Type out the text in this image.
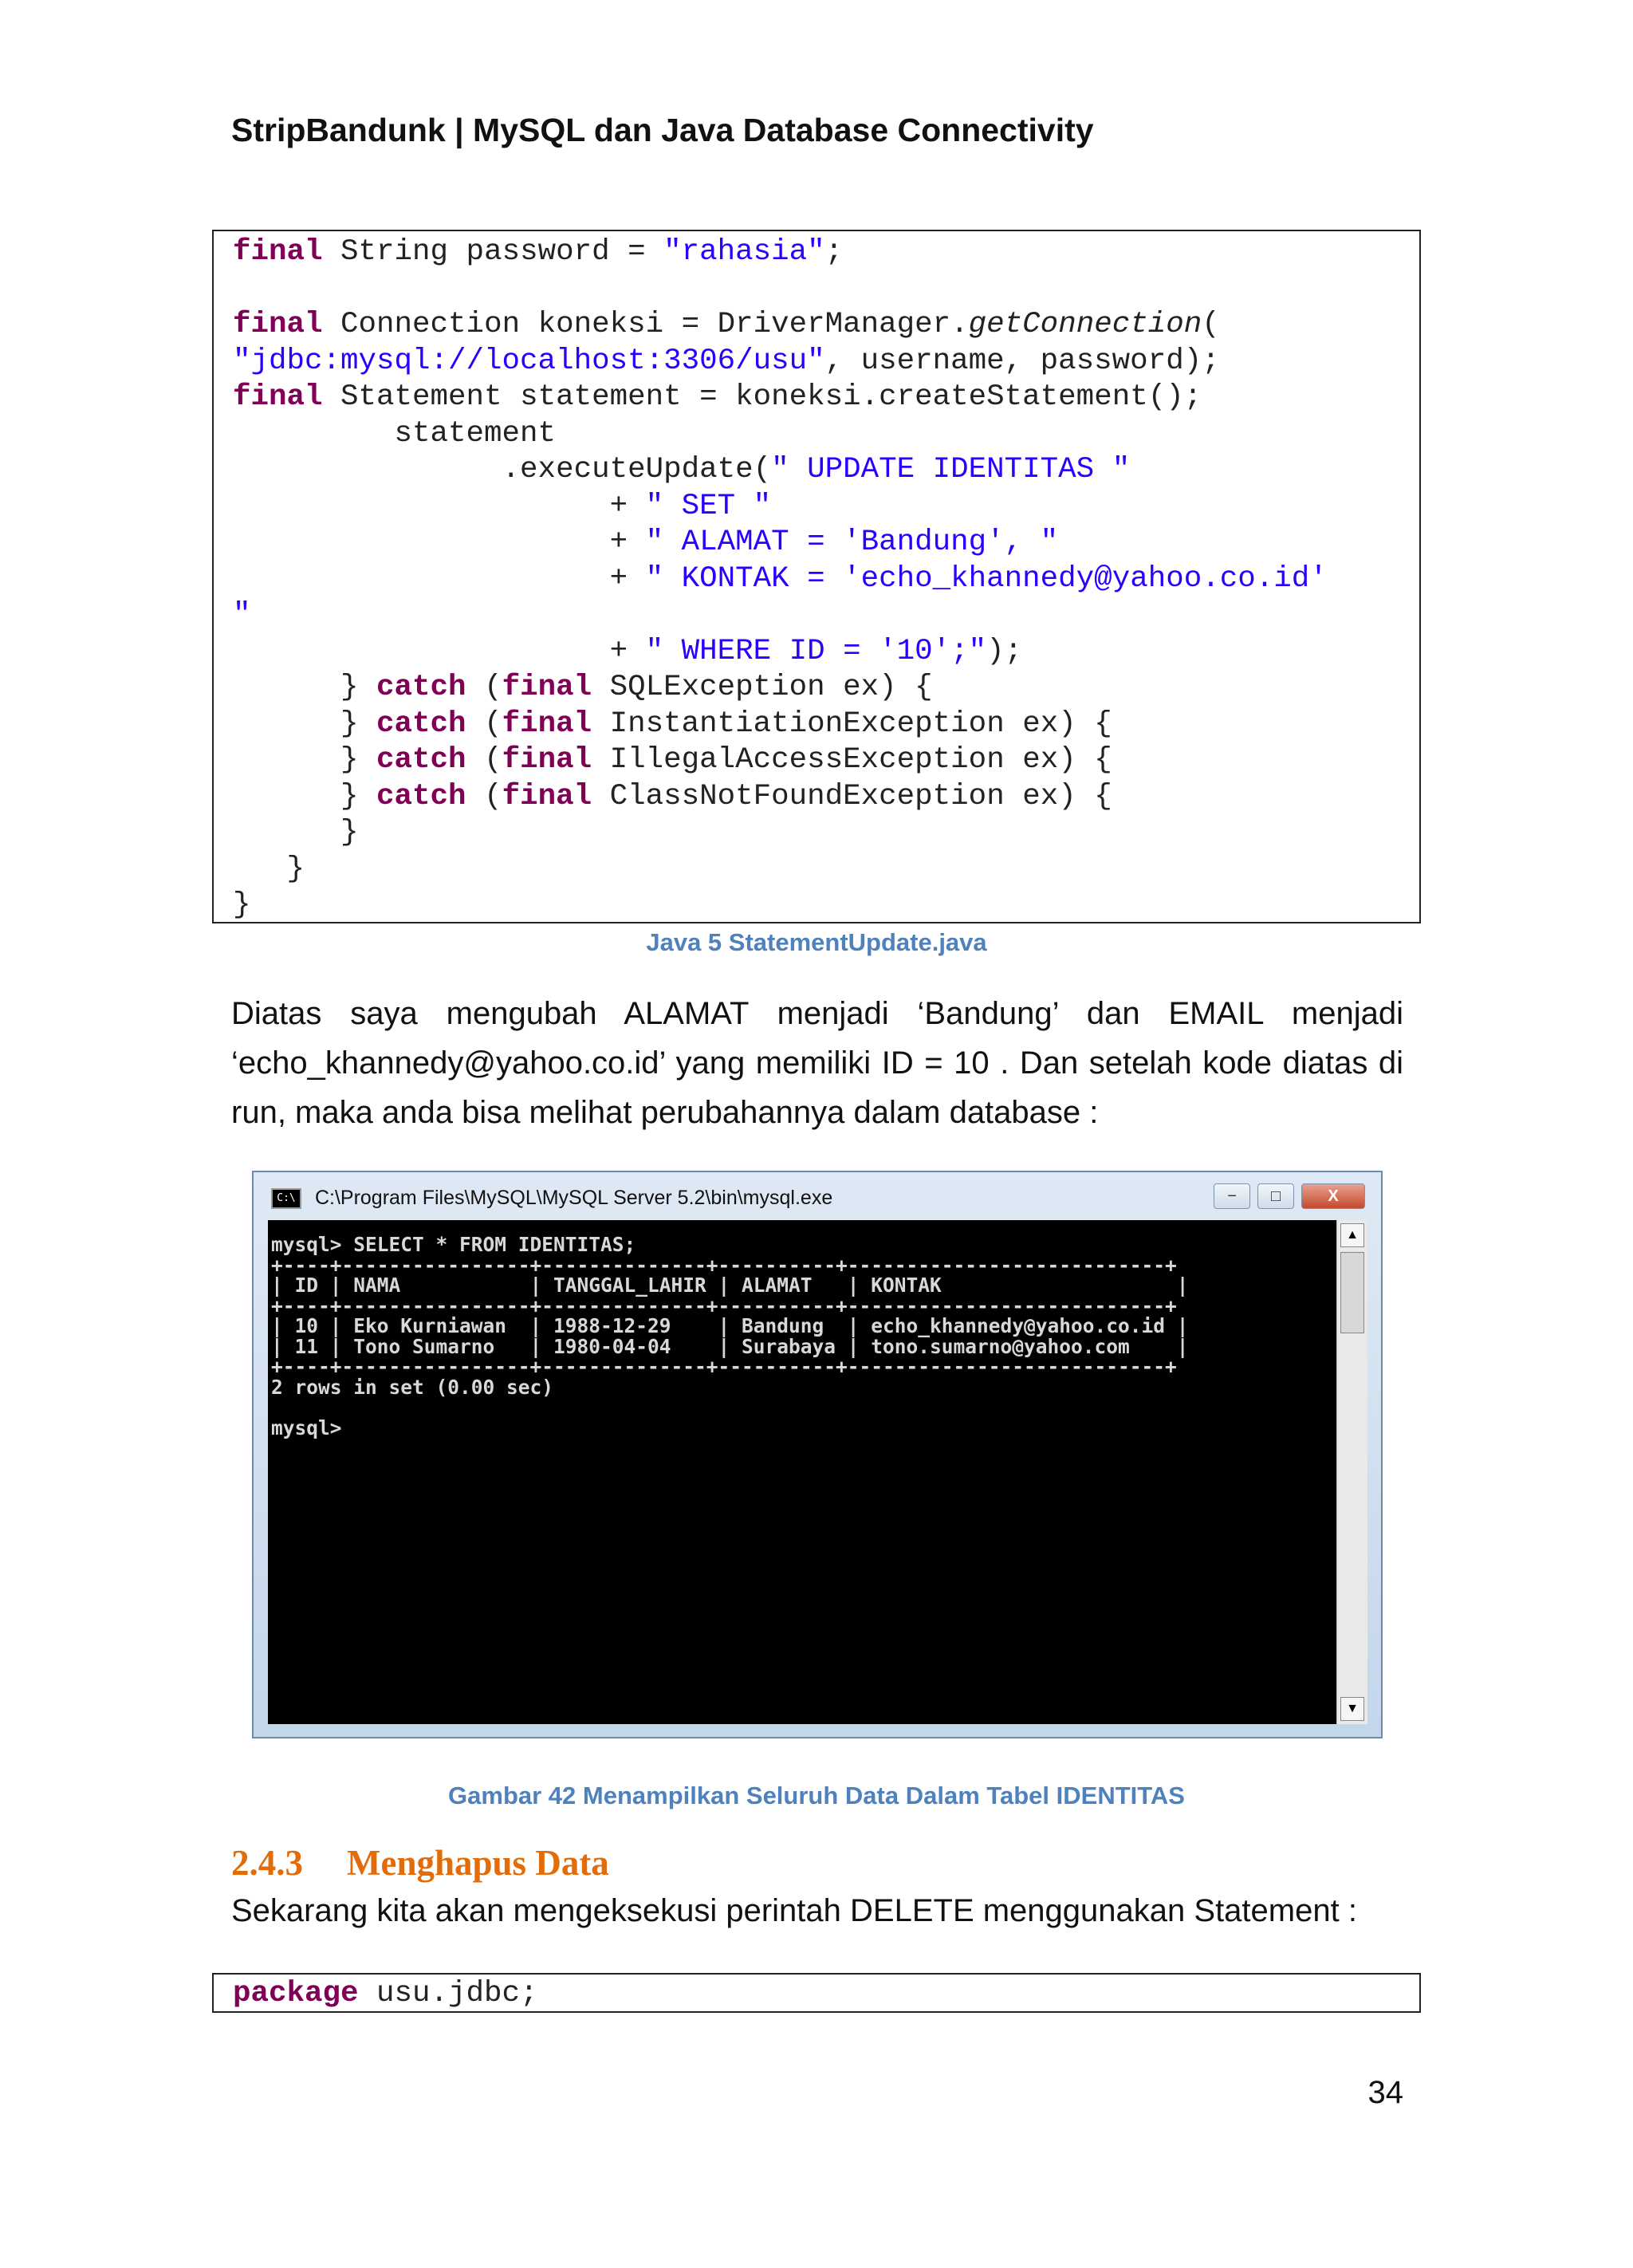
StripBandunk | MySQL dan Java Database Connectivity
final String password = "rahasia";

final Connection koneksi = DriverManager.getConnection(
"jdbc:mysql://localhost:3306/usu", username, password);
final Statement statement = koneksi.createStatement();
statement
.executeUpdate(" UPDATE IDENTITAS "
+ " SET "
+ " ALAMAT = 'Bandung', "
+ " KONTAK = 'echo_khannedy@yahoo.co.id'
"
+ " WHERE ID = '10';");
} catch (final SQLException ex) {
} catch (final InstantiationException ex) {
} catch (final IllegalAccessException ex) {
} catch (final ClassNotFoundException ex) {
}
}
}
Java 5 StatementUpdate.java
Diatas saya mengubah ALAMAT menjadi ‘Bandung’ dan EMAIL menjadi
‘echo_khannedy@yahoo.co.id’ yang memiliki ID = 10 . Dan setelah kode diatas di
run, maka anda bisa melihat perubahannya dalam database :
C:\ C:\Program Files\MySQL\MySQL Server 5.2\bin\mysql.exe	− □	X
mysql> SELECT * FROM IDENTITAS;
+----+----------------+--------------+----------+---------------------------+
| ID | NAMA           | TANGGAL_LAHIR | ALAMAT   | KONTAK                    |
+----+----------------+--------------+----------+---------------------------+
| 10 | Eko Kurniawan  | 1988-12-29    | Bandung  | echo_khannedy@yahoo.co.id |
| 11 | Tono Sumarno   | 1980-04-04    | Surabaya | tono.sumarno@yahoo.com    |
+----+----------------+--------------+----------+---------------------------+
2 rows in set (0.00 sec)

mysql>
▲
▼
Gambar 42 Menampilkan Seluruh Data Dalam Tabel IDENTITAS
2.4.3 Menghapus Data
Sekarang kita akan mengeksekusi perintah DELETE menggunakan Statement :
package usu.jdbc;
34
